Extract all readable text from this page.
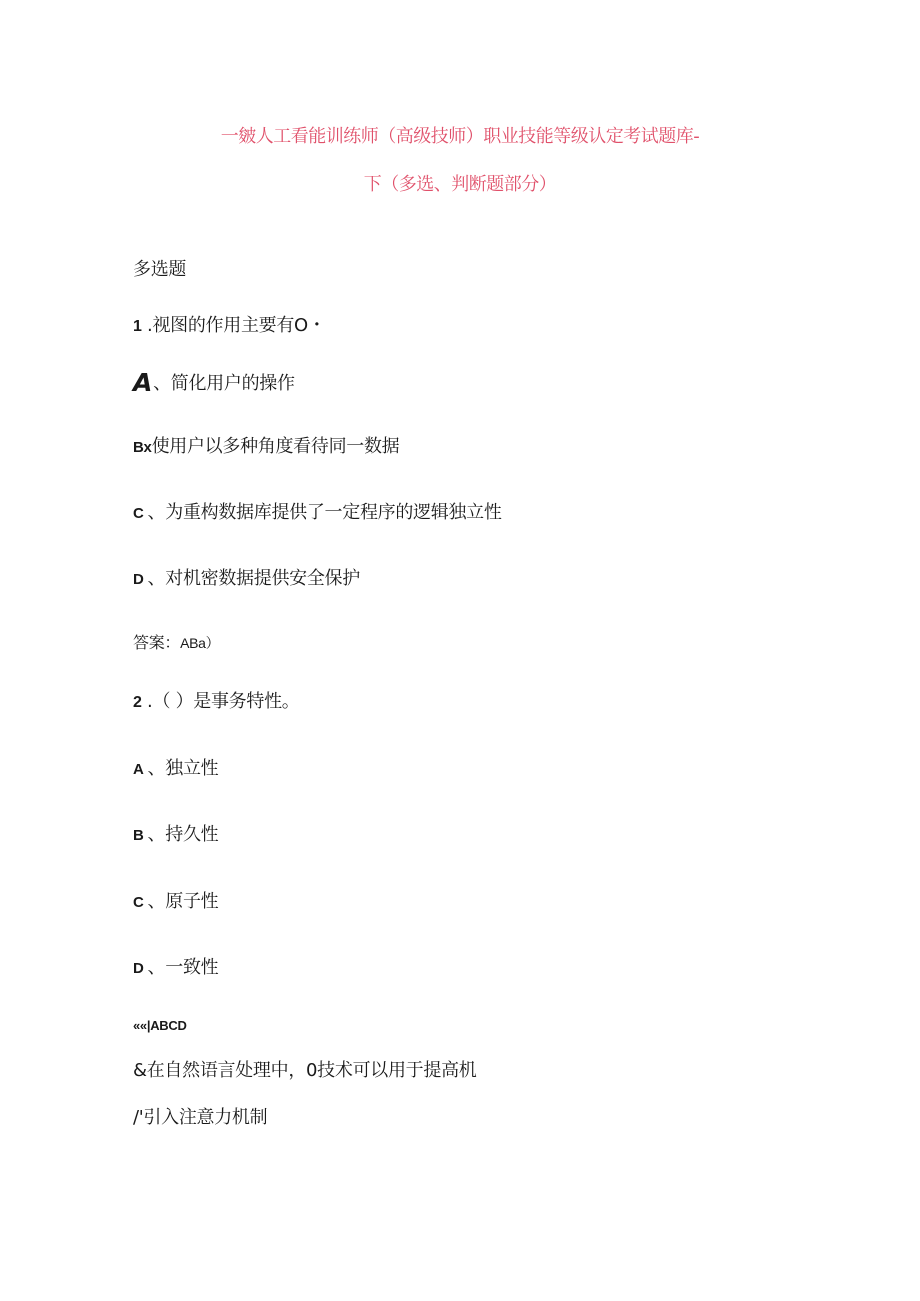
一皴人工看能训练师（高级技师）职业技能等级认定考试题库-
下（多选、判断题部分）
多选题
1 .视图的作用主要有O・
A、简化用户的操作
Bx使用户以多种角度看待同一数据
C 、为重构数据库提供了一定程序的逻辑独立性
D 、对机密数据提供安全保护
答案：ABa）
2 .（ ）是事务特性。
A 、独立性
B 、持久性
C 、原子性
D 、一致性
««|ABCD
&在自然语言处理中，0技术可以用于提高机
/'引入注意力机制
